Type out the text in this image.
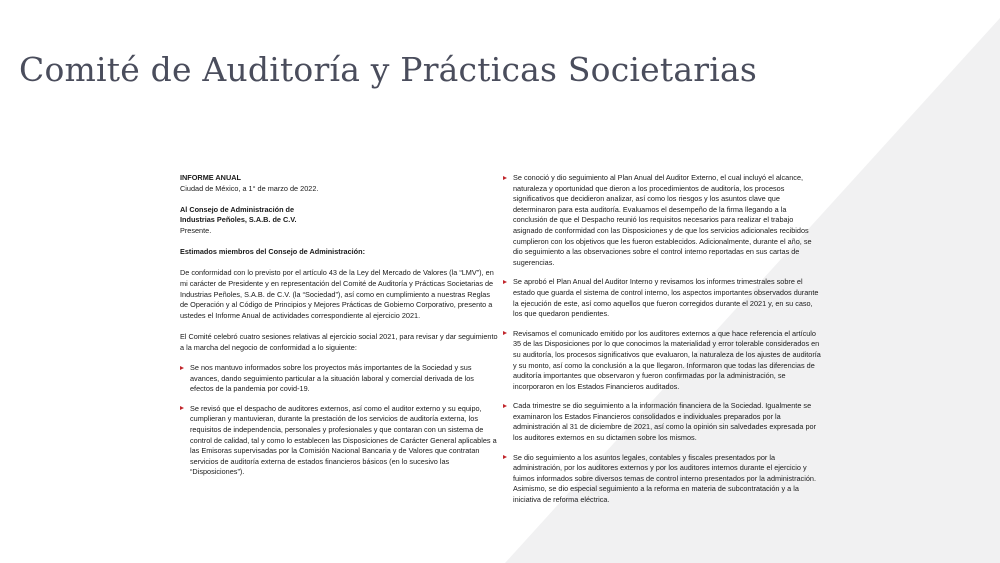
Comité de Auditoría y Prácticas Societarias

INFORME ANUAL

Ciudad de México, a 1° de marzo de 2022.

Al Consejo de Administración de

Industrias Peñoles, S.A.B. de C.V.

Presente.

Estimados miembros del Consejo de Administración:

De conformidad con lo previsto por el artículo 43 de la Ley del Mercado de Valores (la “LMV”), en mi carácter de Presidente y en representación del Comité de Auditoría y Prácticas Societarias de Industrias Peñoles, S.A.B. de C.V. (la “Sociedad”), así como en cumplimiento a nuestras Reglas de Operación y al Código de Principios y Mejores Prácticas de Gobierno Corporativo, presento a ustedes el Informe Anual de actividades correspondiente al ejercicio 2021.

El Comité celebró cuatro sesiones relativas al ejercicio social 2021, para revisar y dar seguimiento a la marcha del negocio de conformidad a lo siguiente:

Se nos mantuvo informados sobre los proyectos más importantes de la Sociedad y sus avances, dando seguimiento particular a la situación laboral y comercial derivada de los efectos de la pandemia por covid-19.

Se revisó que el despacho de auditores externos, así como el auditor externo y su equipo, cumplieran y mantuvieran, durante la prestación de los servicios de auditoría externa, los requisitos de independencia, personales y profesionales y que contaran con un sistema de control de calidad, tal y como lo establecen las Disposiciones de Carácter General aplicables a las Emisoras supervisadas por la Comisión Nacional Bancaria y de Valores que contratan servicios de auditoría externa de estados financieros básicos (en lo sucesivo las “Disposiciones”).

Se conoció y dio seguimiento al Plan Anual del Auditor Externo, el cual incluyó el alcance, naturaleza y oportunidad que dieron a los procedimientos de auditoría, los procesos significativos que decidieron analizar, así como los riesgos y los asuntos clave que determinaron para esta auditoría. Evaluamos el desempeño de la firma llegando a la conclusión de que el Despacho reunió los requisitos necesarios para realizar el trabajo asignado de conformidad con las Disposiciones y de que los servicios adicionales recibidos cumplieron con los objetivos que les fueron establecidos. Adicionalmente, durante el año, se dio seguimiento a las observaciones sobre el control interno reportadas en sus cartas de sugerencias.

Se aprobó el Plan Anual del Auditor Interno y revisamos los informes trimestrales sobre el estado que guarda el sistema de control interno, los aspectos importantes observados durante la ejecución de este, así como aquellos que fueron corregidos durante el 2021 y, en su caso, los que quedaron pendientes.

Revisamos el comunicado emitido por los auditores externos a que hace referencia el artículo 35 de las Disposiciones por lo que conocimos la materialidad y error tolerable considerados en su auditoría, los procesos significativos que evaluaron, la naturaleza de los ajustes de auditoría y su monto, así como la conclusión a la que llegaron. Informaron que todas las diferencias de auditoría importantes que observaron y fueron confirmadas por la administración, se incorporaron en los Estados Financieros auditados.

Cada trimestre se dio seguimiento a la información financiera de la Sociedad. Igualmente se examinaron los Estados Financieros consolidados e individuales preparados por la administración al 31 de diciembre de 2021, así como la opinión sin salvedades expresada por los auditores externos en su dictamen sobre los mismos.

Se dio seguimiento a los asuntos legales, contables y fiscales presentados por la administración, por los auditores externos y por los auditores internos durante el ejercicio y fuimos informados sobre diversos temas de control interno presentados por la administración. Asimismo, se dio especial seguimiento a la reforma en materia de subcontratación y a la iniciativa de reforma eléctrica.
